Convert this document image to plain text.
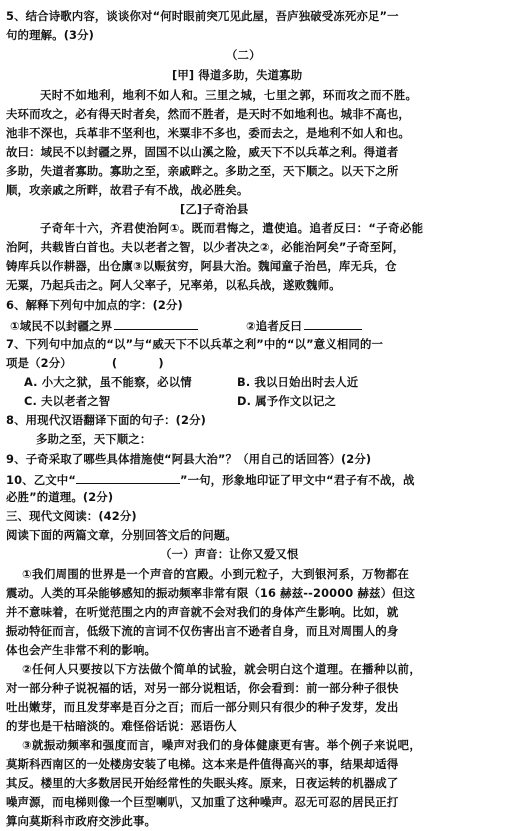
5、结合诗歌内容，谈谈你对“何时眼前突兀见此屋，吾庐独破受冻死亦足”一
句的理解。(3分)
（二）
[甲] 得道多助，失道寡助
天时不如地利，地利不如人和。三里之城，七里之郭，环而攻之而不胜。
夫环而攻之，必有得天时者矣，然而不胜者，是天时不如地利也。城非不高也，
池非不深也，兵革非不坚利也，米粟非不多也，委而去之，是地利不如人和也。
故曰：域民不以封疆之界，固国不以山溪之险，威天下不以兵革之利。得道者
多助，失道者寡助。寡助之至，亲戚畔之。多助之至，天下顺之。以天下之所
顺，攻亲戚之所畔，故君子有不战，战必胜矣。
[乙]子奇治县
子奇年十六，齐君使治阿①。既而君悔之，遣使追。追者反曰：“子奇必能
治阿，共载皆白首也。夫以老者之智，以少者决之②，必能治阿矣”子奇至阿，
铸库兵以作耕器，出仓廪③以赈贫穷，阿县大治。魏闻童子治邑，库无兵，仓
无粟，乃起兵击之。阿人父率子，兄率弟，以私兵战，遂败魏师。
6、解释下列句中加点的字：(2分)
①域民不以封疆之界	②追者反曰
7、下列句中加点的“以”与“威天下不以兵革之利”中的“以”意义相同的一
项是（2分）	(          )
A. 小大之狱，虽不能察，必以情	B. 我以日始出时去人近
C. 夫以老者之智	D. 属予作文以记之
8、用现代汉语翻译下面的句子：(2分)
多助之至，天下顺之：
9、子奇采取了哪些具体措施使“阿县大治”？（用自己的话回答）(2分)
10、乙文中“	”一句，形象地印证了甲文中“君子有不战，战
必胜”的道理。(2分)
三、现代文阅读：(42分)
阅读下面的两篇文章，分别回答文后的问题。
（一）声音：让你又爱又恨
①我们周围的世界是一个声音的宫殿。小到元粒子，大到银河系，万物都在
震动。人类的耳朵能够感知的振动频率非常有限（16 赫兹--20000 赫兹）但这
并不意味着，在听觉范围之内的声音就不会对我们的身体产生影响。比如，就
振动特征而言，低级下流的言词不仅伤害出言不逊者自身，而且对周围人的身
体也会产生非常不利的影响。
②任何人只要按以下方法做个简单的试验，就会明白这个道理。在播种以前，
对一部分种子说祝福的话，对另一部分说粗话，你会看到：前一部分种子很快
吐出嫩芽，而且发芽率是百分之百；而后一部分则只有很少的种子发芽，发出
的芽也是干枯暗淡的。难怪俗话说：恶语伤人
③就振动频率和强度而言，噪声对我们的身体健康更有害。举个例子来说吧，
莫斯科西南区的一处楼房安装了电梯。这本来是件值得高兴的事，结果却适得
其反。楼里的大多数居民开始经常性的失眠头疼。原来，日夜运转的机器成了
噪声源，而电梯则像一个巨型喇叭，又加重了这种噪声。忍无可忍的居民正打
算向莫斯科市政府交涉此事。
